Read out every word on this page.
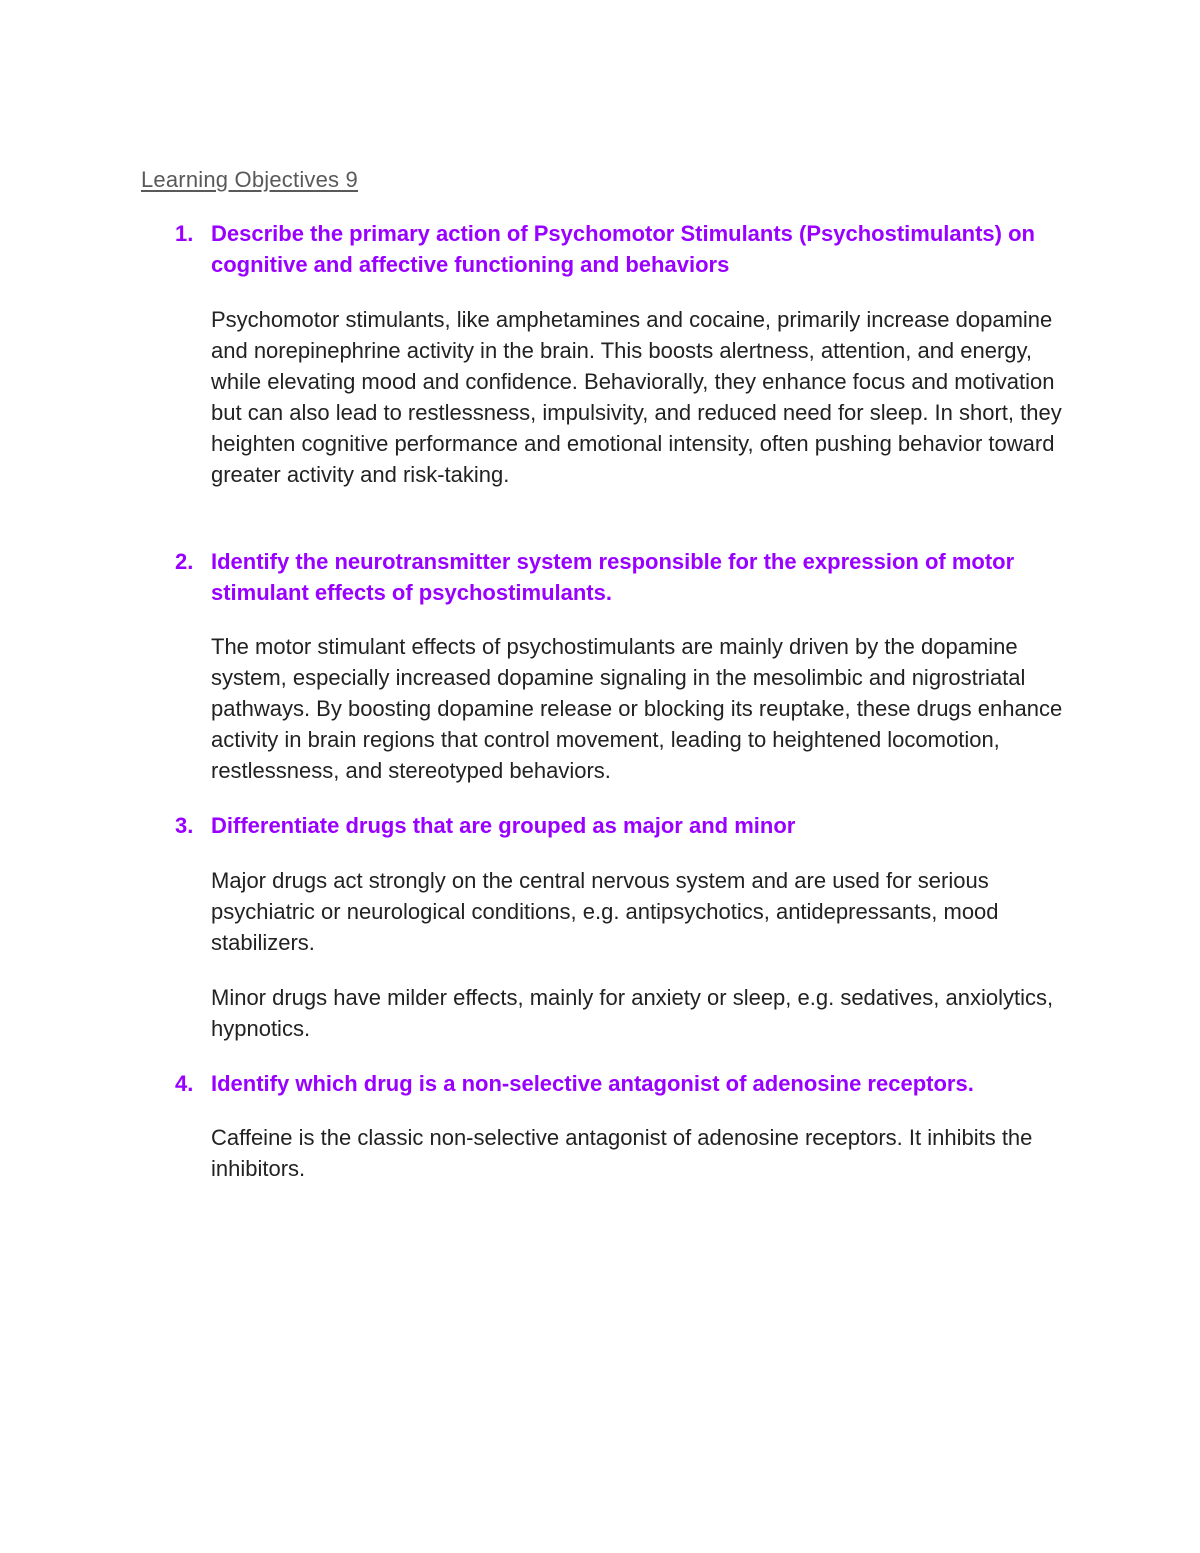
Learning Objectives 9
1. Describe the primary action of Psychomotor Stimulants (Psychostimulants) on cognitive and affective functioning and behaviors

Psychomotor stimulants, like amphetamines and cocaine, primarily increase dopamine and norepinephrine activity in the brain. This boosts alertness, attention, and energy, while elevating mood and confidence. Behaviorally, they enhance focus and motivation but can also lead to restlessness, impulsivity, and reduced need for sleep. In short, they heighten cognitive performance and emotional intensity, often pushing behavior toward greater activity and risk-taking.

2. Identify the neurotransmitter system responsible for the expression of motor stimulant effects of psychostimulants.

The motor stimulant effects of psychostimulants are mainly driven by the dopamine system, especially increased dopamine signaling in the mesolimbic and nigrostriatal pathways. By boosting dopamine release or blocking its reuptake, these drugs enhance activity in brain regions that control movement, leading to heightened locomotion, restlessness, and stereotyped behaviors.

3. Differentiate drugs that are grouped as major and minor

Major drugs act strongly on the central nervous system and are used for serious psychiatric or neurological conditions, e.g. antipsychotics, antidepressants, mood stabilizers.

Minor drugs have milder effects, mainly for anxiety or sleep, e.g. sedatives, anxiolytics, hypnotics.

4. Identify which drug is a non-selective antagonist of adenosine receptors.

Caffeine is the classic non-selective antagonist of adenosine receptors. It inhibits the inhibitors.
